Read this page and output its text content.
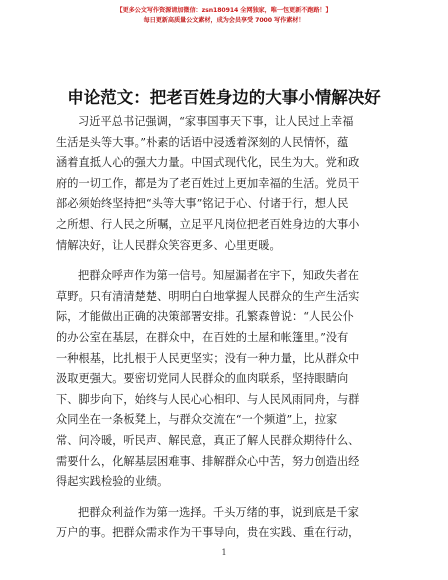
【更多公文写作资源请加微信：zsn180914 全网独家，唯一包更新不跑路！】
每日更新高质量公文素材，成为会员享受 7000 写作素材！
申论范文：把老百姓身边的大事小情解决好
习近平总书记强调，“家事国事天下事，让人民过上幸福
生活是头等大事。”朴素的话语中浸透着深刻的人民情怀，蕴
涵着直抵人心的强大力量。中国式现代化，民生为大。党和政
府的一切工作，都是为了老百姓过上更加幸福的生活。党员干
部必须始终坚持把“头等大事”铭记于心、付诸于行，想人民
之所想、行人民之所嘱，立足平凡岗位把老百姓身边的大事小
情解决好，让人民群众笑容更多、心里更暖。
把群众呼声作为第一信号。知屋漏者在宇下，知政失者在
草野。只有清清楚楚、明明白白地掌握人民群众的生产生活实
际，才能做出正确的决策部署安排。孔繁森曾说：“人民公仆
的办公室在基层，在群众中，在百姓的土屋和帐篷里。”没有
一种根基，比扎根于人民更坚实；没有一种力量，比从群众中
汲取更强大。要密切党同人民群众的血肉联系，坚持眼睛向
下、脚步向下，始终与人民心心相印、与人民风雨同舟，与群
众同坐在一条板凳上，与群众交流在“一个频道”上，拉家
常、问冷暖，听民声、解民意，真正了解人民群众期待什么、
需要什么，化解基层困难事、排解群众心中苦，努力创造出经
得起实践检验的业绩。
把群众利益作为第一选择。千头万绪的事，说到底是千家
万户的事。把群众需求作为干事导向，贵在实践、重在行动，
1
